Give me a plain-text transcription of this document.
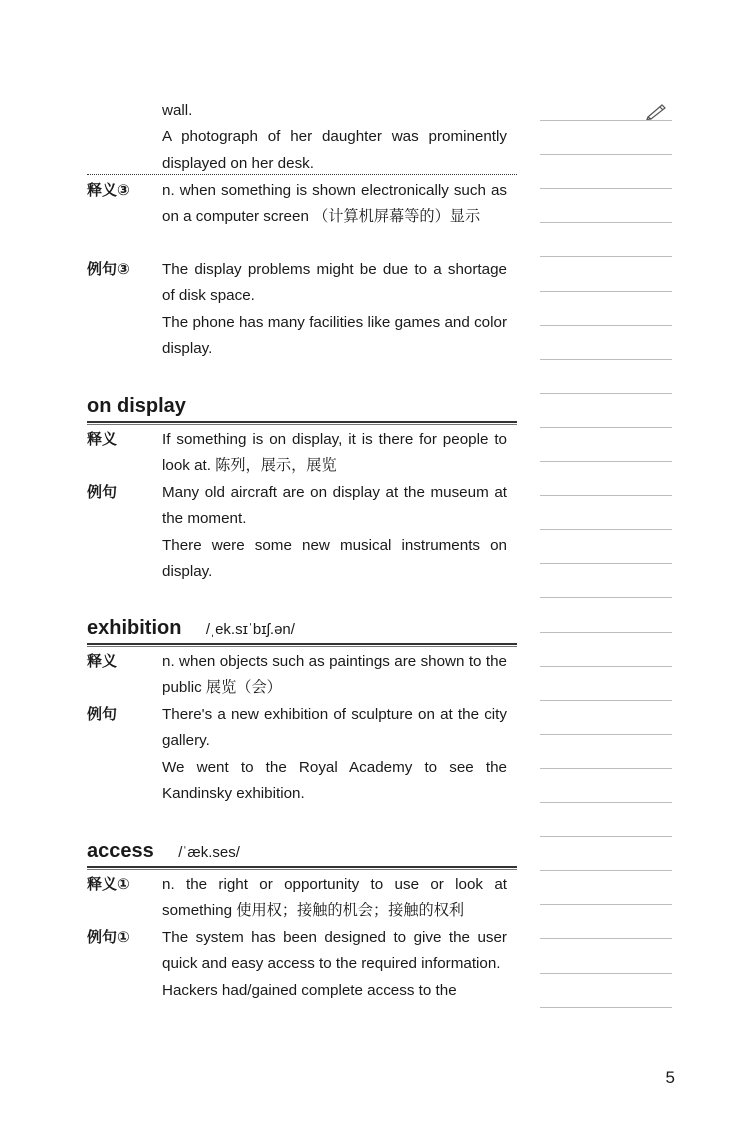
wall.

A photograph of her daughter was prominently displayed on her desk.

释义③ n. when something is shown electronically such as on a computer screen （计算机屏幕等的）显示
例句③ The display problems might be due to a shortage of disk space.

The phone has many facilities like games and color display.

on display
释义	If something is on display, it is there for people to look at. 陈列，展示，展览
例句	Many old aircraft are on display at the museum at the moment.

There were some new musical instruments on display.

exhibition /ˌek.sɪˈbɪʃ.ən/
释义	n. when objects such as paintings are shown to the public 展览（会）
例句	There's a new exhibition of sculpture on at the city gallery.

We went to the Royal Academy to see the Kandinsky exhibition.

access /ˈæk.ses/
释义① n. the right or opportunity to use or look at something 使用权；接触的机会；接触的权利
例句① The system has been designed to give the user quick and easy access to the required information.

Hackers had/gained complete access to the

5
